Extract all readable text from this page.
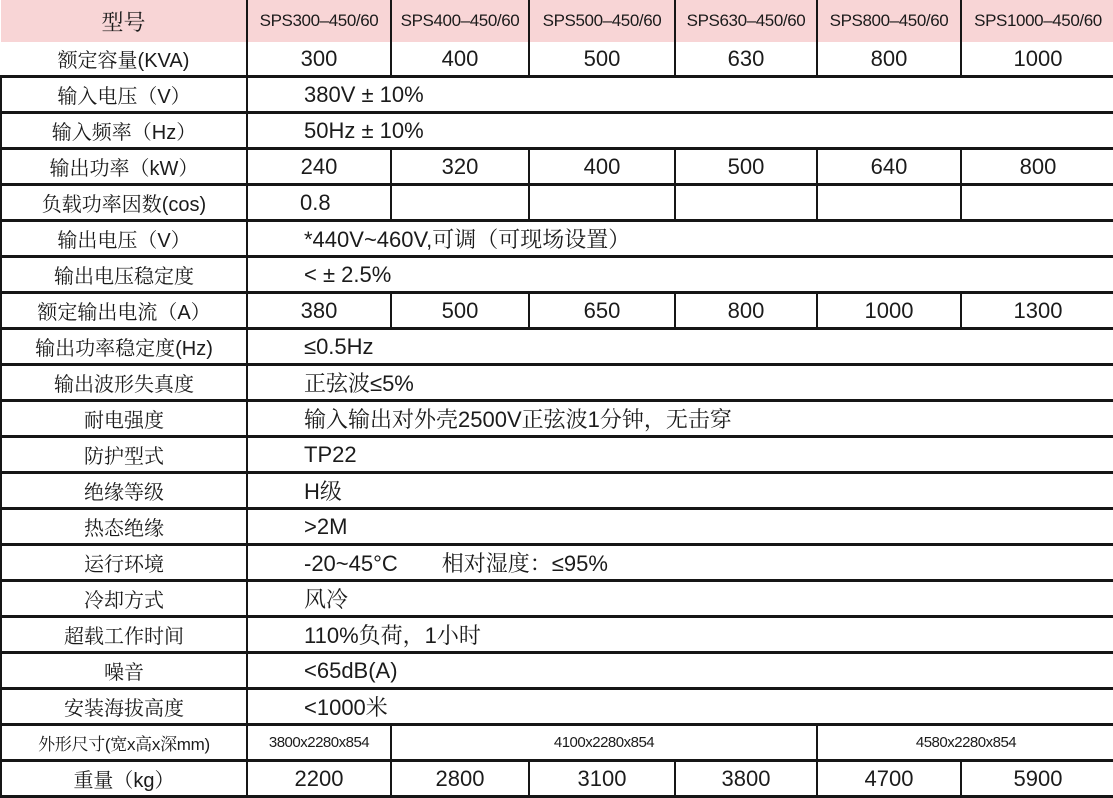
型号	SPS300–450/60	SPS400–450/60	SPS500–450/60	SPS630–450/60	SPS800–450/60	SPS1000–450/60
额定容量(KVA)	300	400	500	630	800	1000
输入电压（V）	380V ± 10%					
输入频率（Hz）	50Hz ± 10%					
输出功率（kW）	240	320	400	500	640	800
负载功率因数(cos)	0.8					
输出电压（V）	*440V~460V,可调（可现场设置）					
输出电压稳定度	< ± 2.5%					
额定输出电流（A）	380	500	650	800	1000	1300
输出功率稳定度(Hz)	≤0.5Hz					
输出波形失真度	正弦波≤5%					
耐电强度	输入输出对外壳2500V正弦波1分钟，无击穿					
防护型式	TP22					
绝缘等级	H级					
热态绝缘	>2M					
运行环境	-20~45°C　　相对湿度：≤95%					
冷却方式	风冷					
超载工作时间	110%负荷，1小时					
噪音	<65dB(A)					
安装海拔高度	<1000米					
外形尺寸(宽x高x深mm)	3800x2280x854	4100x2280x854			4580x2280x854	
重量（kg）	2200	2800	3100	3800	4700	5900
